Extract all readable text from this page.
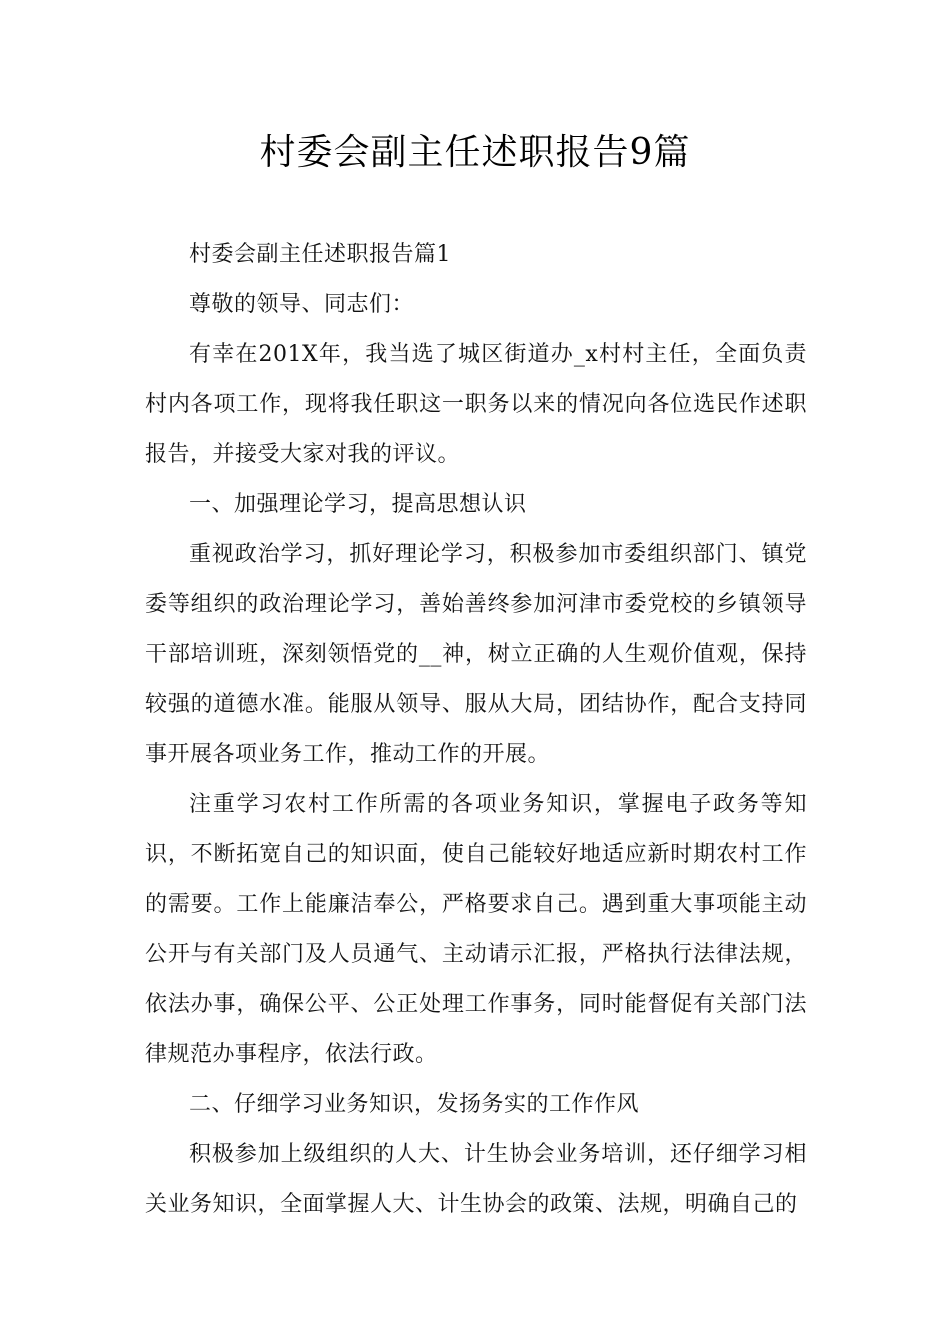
村委会副主任述职报告9篇

村委会副主任述职报告篇1

尊敬的领导、同志们：

有幸在201X年，我当选了城区街道办_x村村主任，全面负责村内各项工作，现将我任职这一职务以来的情况向各位选民作述职报告，并接受大家对我的评议。

一、加强理论学习，提高思想认识

重视政治学习，抓好理论学习，积极参加市委组织部门、镇党委等组织的政治理论学习，善始善终参加河津市委党校的乡镇领导干部培训班，深刻领悟党的__神，树立正确的人生观价值观，保持较强的道德水准。能服从领导、服从大局，团结协作，配合支持同事开展各项业务工作，推动工作的开展。

注重学习农村工作所需的各项业务知识，掌握电子政务等知识，不断拓宽自己的知识面，使自己能较好地适应新时期农村工作的需要。工作上能廉洁奉公，严格要求自己。遇到重大事项能主动公开与有关部门及人员通气、主动请示汇报，严格执行法律法规，依法办事，确保公平、公正处理工作事务，同时能督促有关部门法律规范办事程序，依法行政。

二、仔细学习业务知识，发扬务实的工作作风

积极参加上级组织的人大、计生协会业务培训，还仔细学习相关业务知识，全面掌握人大、计生协会的政策、法规，明确自己的
